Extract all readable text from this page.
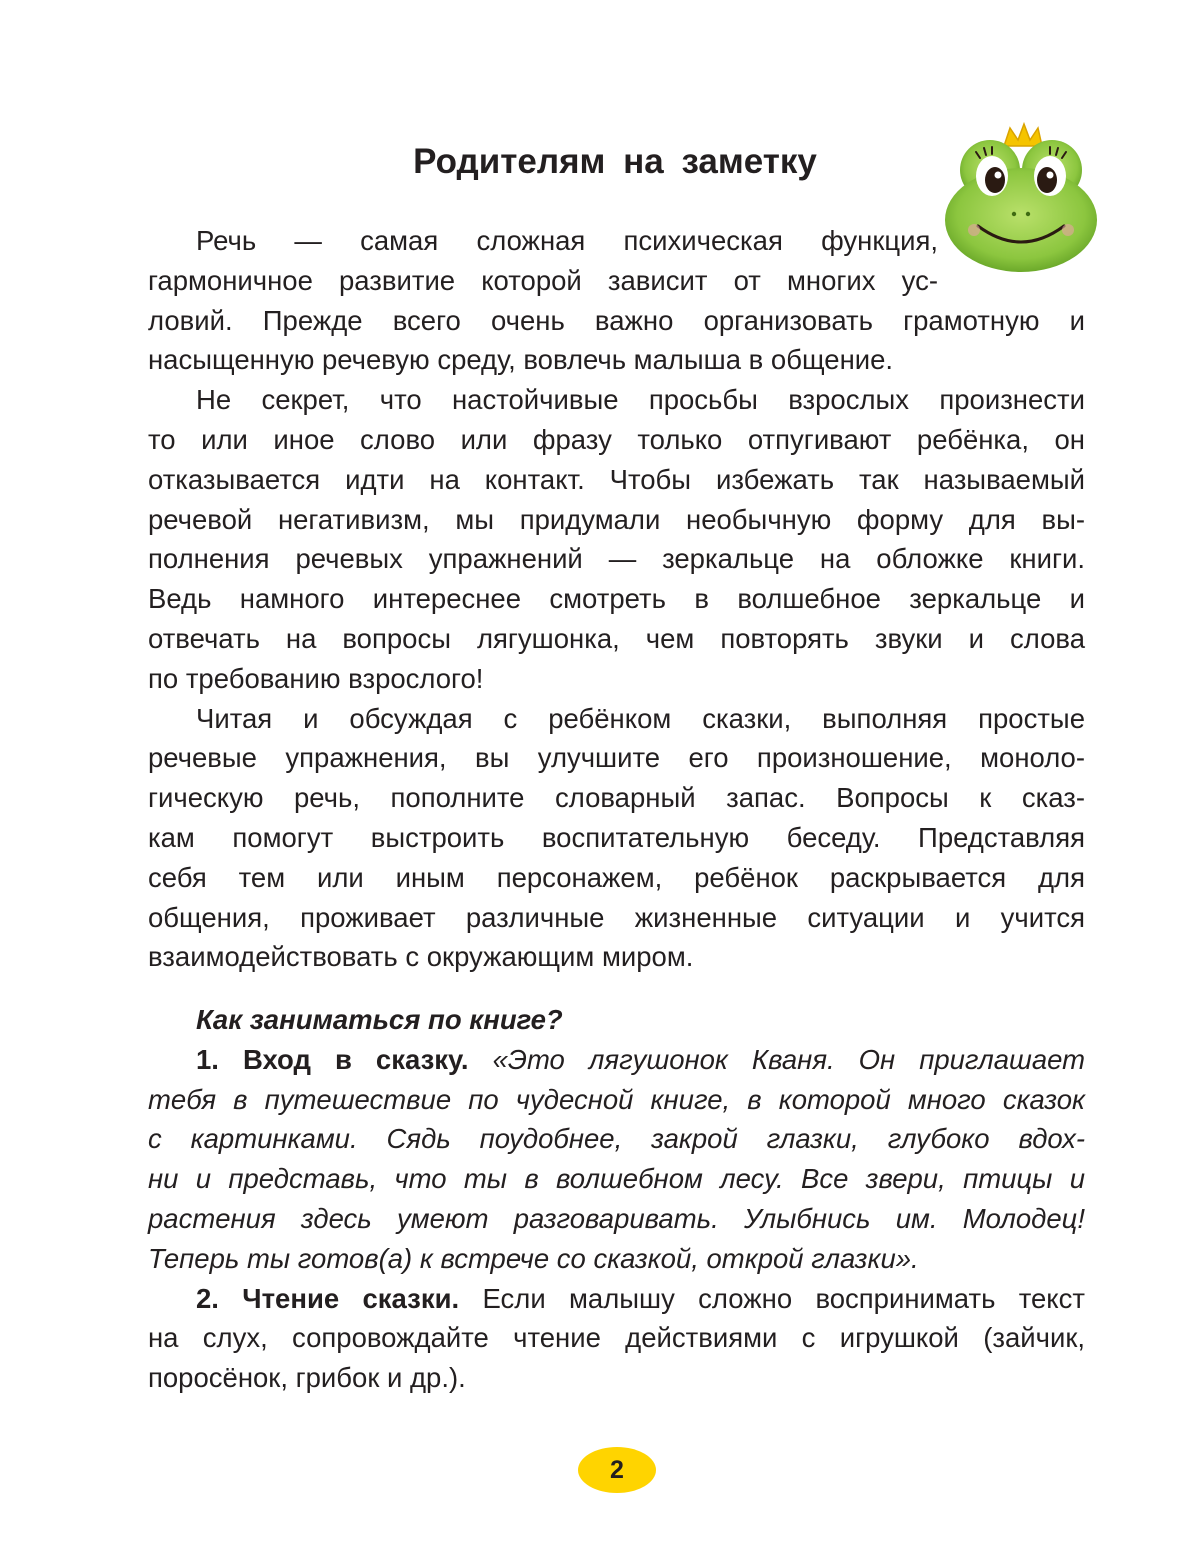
Родителям на заметку

Речь — самая сложная психическая функция,

гармоничное развитие которой зависит от многих ус-

ловий. Прежде всего очень важно организовать грамотную и

насыщенную речевую среду, вовлечь малыша в общение.

Не секрет, что настойчивые просьбы взрослых произнести

то или иное слово или фразу только отпугивают ребёнка, он

отказывается идти на контакт. Чтобы избежать так называемый

речевой негативизм, мы придумали необычную форму для вы-

полнения речевых упражнений — зеркальце на обложке книги.

Ведь намного интереснее смотреть в волшебное зеркальце и

отвечать на вопросы лягушонка, чем повторять звуки и слова

по требованию взрослого!

Читая и обсуждая с ребёнком сказки, выполняя простые

речевые упражнения, вы улучшите его произношение, моноло-

гическую речь, пополните словарный запас. Вопросы к сказ-

кам помогут выстроить воспитательную беседу. Представляя

себя тем или иным персонажем, ребёнок раскрывается для

общения, проживает различные жизненные ситуации и учится

взаимодействовать с окружающим миром.

Как заниматься по книге?

1. Вход в сказку. «Это лягушонок Кваня. Он приглашает

тебя в путешествие по чудесной книге, в которой много сказок

с картинками. Сядь поудобнее, закрой глазки, глубоко вдох-

ни и представь, что ты в волшебном лесу. Все звери, птицы и

растения здесь умеют разговаривать. Улыбнись им. Молодец!

Теперь ты готов(а) к встрече со сказкой, открой глазки».

2. Чтение сказки. Если малышу сложно воспринимать текст

на слух, сопровождайте чтение действиями с игрушкой (зайчик,

поросёнок, грибок и др.).

2
